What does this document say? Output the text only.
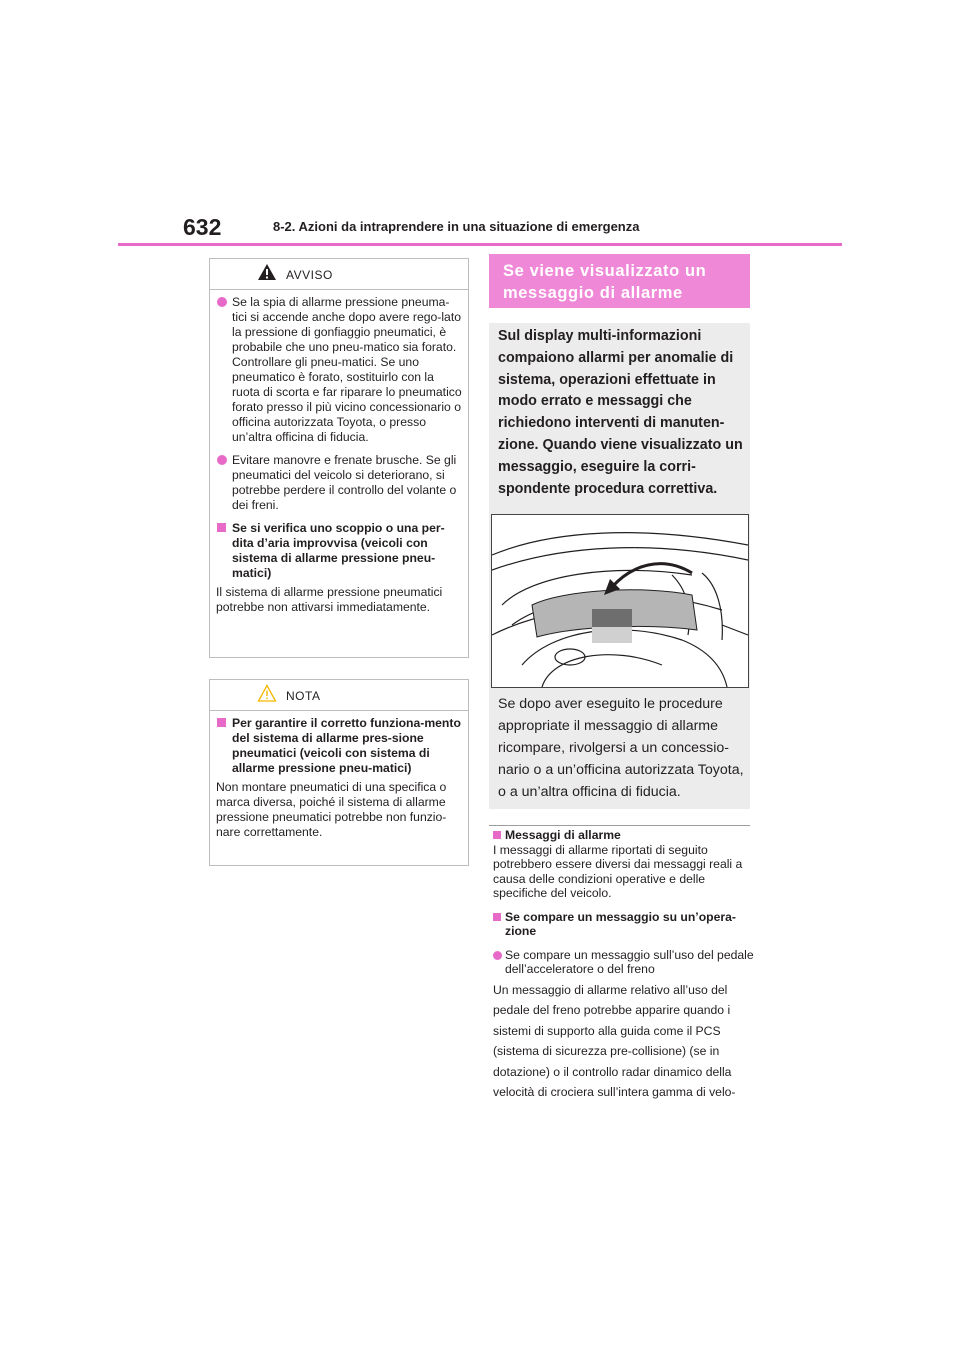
632	8-2. Azioni da intraprendere in una situazione di emergenza
AVVISO
Se la spia di allarme pressione pneuma-tici si accende anche dopo avere rego-lato la pressione di gonfiaggio pneumatici, è probabile che uno pneu-matico sia forato. Controllare gli pneu-matici. Se uno pneumatico è forato, sostituirlo con la ruota di scorta e far riparare lo pneumatico forato presso il più vicino concessionario o officina autorizzata Toyota, o presso un’altra officina di fiducia.
Evitare manovre e frenate brusche. Se gli pneumatici del veicolo si deteriorano, si potrebbe perdere il controllo del volante o dei freni.
Se si verifica uno scoppio o una per-dita d’aria improvvisa (veicoli con sistema di allarme pressione pneu-matici)

Il sistema di allarme pressione pneumatici potrebbe non attivarsi immediatamente.

NOTA
Per garantire il corretto funziona-mento del sistema di allarme pres-sione pneumatici (veicoli con sistema di allarme pressione pneu-matici)

Non montare pneumatici di una specifica o marca diversa, poiché il sistema di allarme pressione pneumatici potrebbe non funzio-nare correttamente.

Se viene visualizzato un
messaggio di allarme
Sul display multi-informazioni compaiono allarmi per anomalie di sistema, operazioni effettuate in modo errato e messaggi che richiedono interventi di manuten-zione. Quando viene visualizzato un messaggio, eseguire la corri-spondente procedura correttiva.
Se dopo aver eseguito le procedure appropriate il messaggio di allarme ricompare, rivolgersi a un concessio-nario o a un’officina autorizzata Toyota, o a un’altra officina di fiducia.
Messaggi di allarme

I messaggi di allarme riportati di seguito potrebbero essere diversi dai messaggi reali a causa delle condizioni operative e delle specifiche del veicolo.

Se compare un messaggio su un’opera-zione
Se compare un messaggio sull’uso del pedale dell’acceleratore o del freno

Un messaggio di allarme relativo all’uso del

pedale del freno potrebbe apparire quando i

sistemi di supporto alla guida come il PCS

(sistema di sicurezza pre-collisione) (se in

dotazione) o il controllo radar dinamico della

velocità di crociera sull’intera gamma di velo-
